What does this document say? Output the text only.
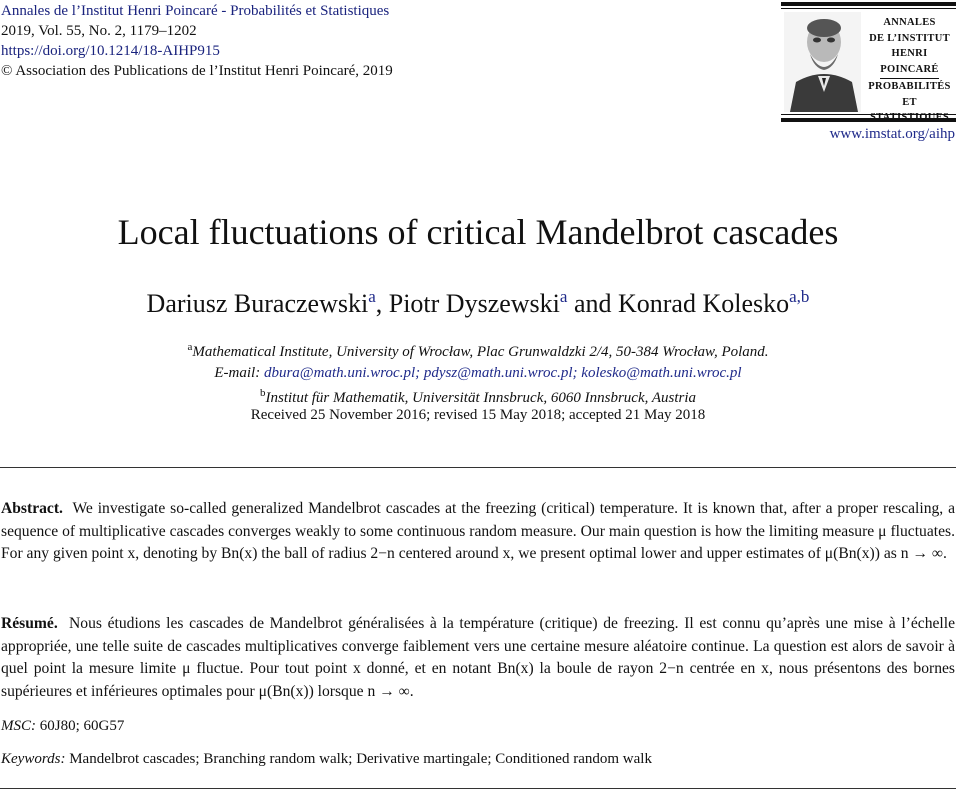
Annales de l’Institut Henri Poincaré - Probabilités et Statistiques
2019, Vol. 55, No. 2, 1179–1202
https://doi.org/10.1214/18-AIHP915
© Association des Publications de l’Institut Henri Poincaré, 2019
ANNALES
DE L’INSTITUT
HENRI
POINCARÉ
PROBABILITÉS
ET
www.imstat.org/aihp
Local fluctuations of critical Mandelbrot cascades
Dariusz Buraczewski$^a$, Piotr Dyszewski$^a$ and Konrad Kolesko$^{a,b}$
$^a$Mathematical Institute, University of Wrocław, Plac Grunwaldzki 2/4, 50-384 Wrocław, Poland.
E-mail: dbura@math.uni.wroc.pl; pdysz@math.uni.wroc.pl; kolesko@math.uni.wroc.pl
$^b$Institut für Mathematik, Universität Innsbruck, 6060 Innsbruck, Austria
Received 25 November 2016; revised 15 May 2018; accepted 21 May 2018
Abstract. We investigate so-called generalized Mandelbrot cascades at the freezing (critical) temperature. It is known that, after a proper rescaling, a sequence of multiplicative cascades converges weakly to some continuous random measure. Our main question is how the limiting measure μ fluctuates. For any given point x, denoting by Bn(x) the ball of radius 2−n centered around x, we present optimal lower and upper estimates of μ(Bn(x)) as n → ∞.
Résumé. Nous étudions les cascades de Mandelbrot généralisées à la température (critique) de freezing. Il est connu qu’après une mise à l’échelle appropriée, une telle suite de cascades multiplicatives converge faiblement vers une certaine mesure aléatoire continue. La question est alors de savoir à quel point la mesure limite μ fluctue. Pour tout point x donné, et en notant Bn(x) la boule de rayon 2−n centrée en x, nous présentons des bornes supérieures et inférieures optimales pour μ(Bn(x)) lorsque n → ∞.
MSC: 60J80; 60G57
Keywords: Mandelbrot cascades; Branching random walk; Derivative martingale; Conditioned random walk
